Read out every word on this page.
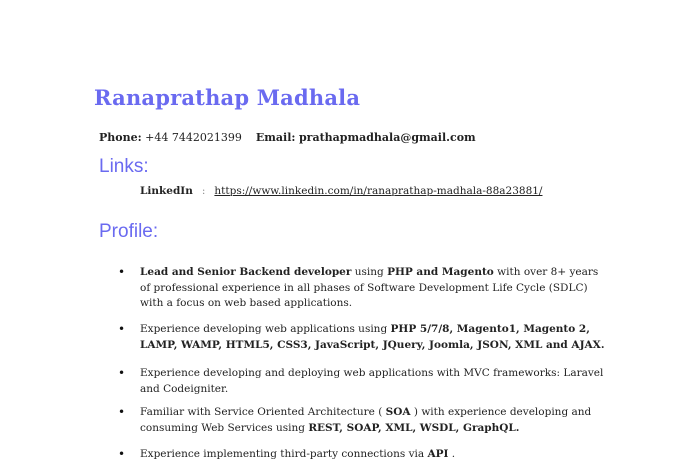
Ranaprathap Madhala
Phone: +44 7442021399 Email: prathapmadhala@gmail.com
Links:
LinkedIn : https://www.linkedin.com/in/ranaprathap-madhala-88a23881/
Profile:
• Lead and Senior Backend developer using PHP and Magento with over 8+ years of professional experience in all phases of Software Development Life Cycle (SDLC) with a focus on web based applications.
• Experience developing web applications using PHP 5/7/8, Magento1, Magento 2, LAMP, WAMP, HTML5, CSS3, JavaScript, JQuery, Joomla, JSON, XML and AJAX.
• Experience developing and deploying web applications with MVC frameworks: Laravel and Codeigniter.
• Familiar with Service Oriented Architecture ( SOA ) with experience developing and consuming Web Services using REST, SOAP, XML, WSDL, GraphQL.
• Experience implementing third-party connections via API .
